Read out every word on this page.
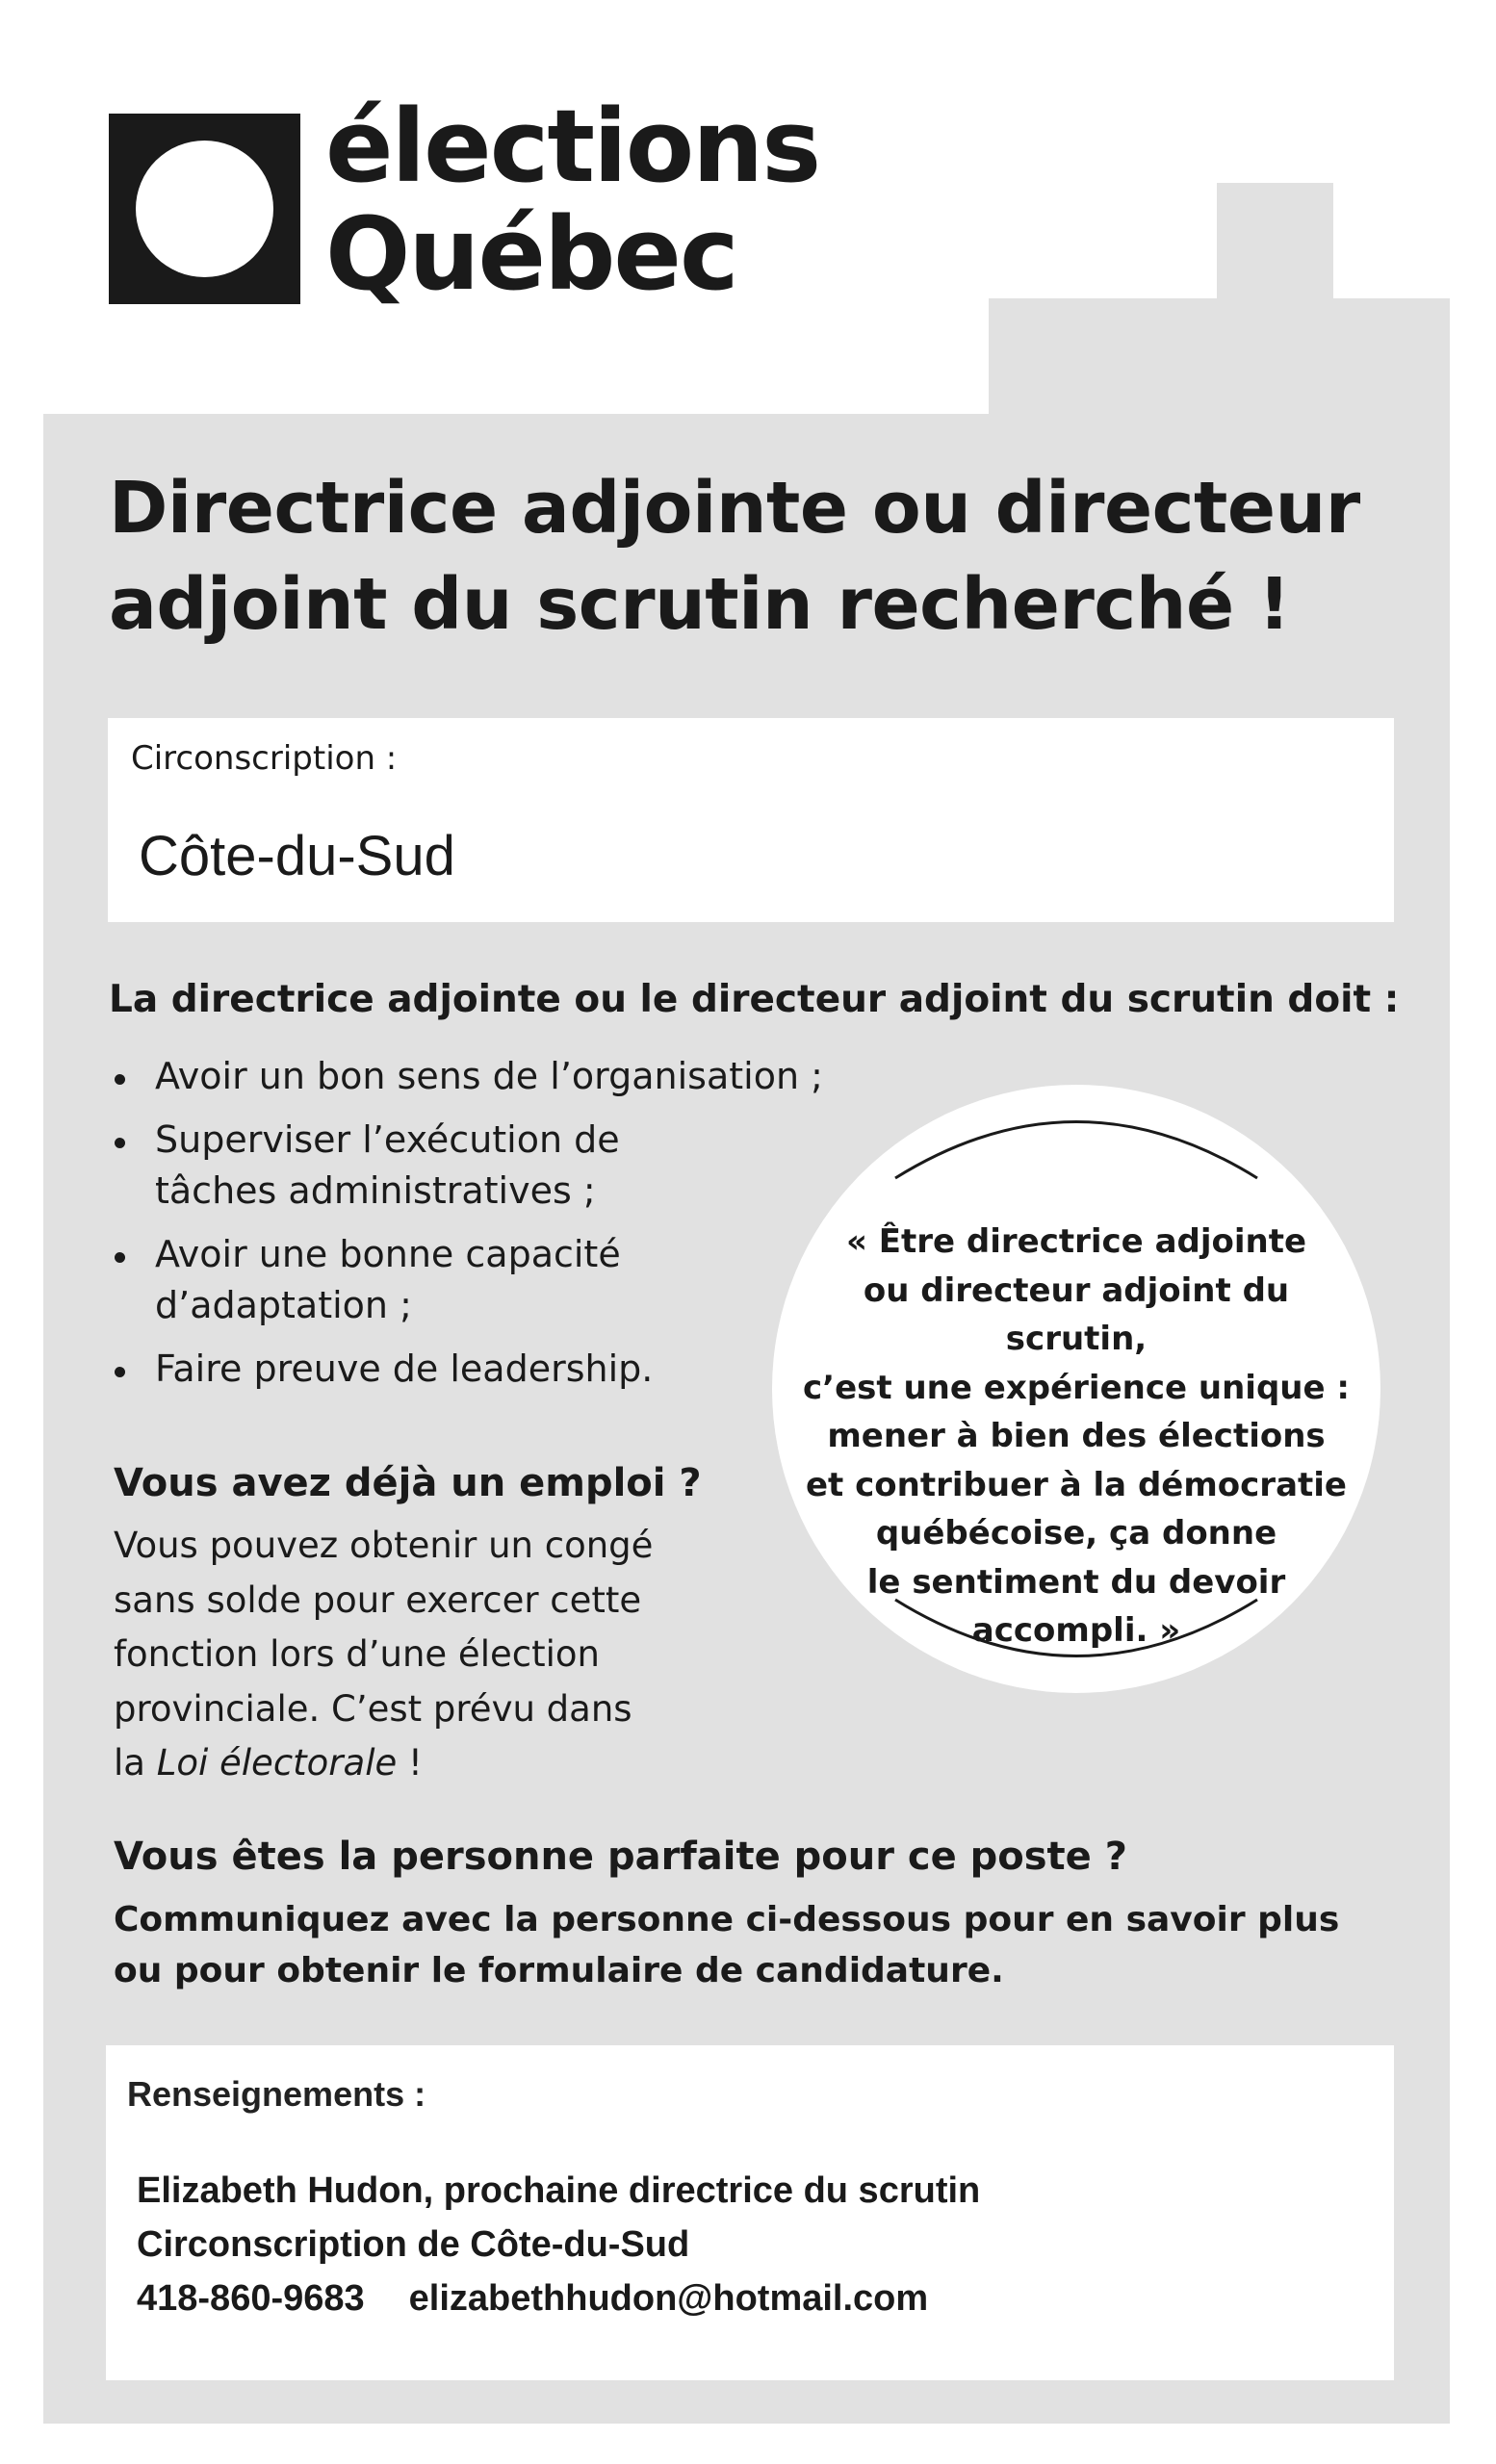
élections
Québec
Directrice adjointe ou directeur
adjoint du scrutin recherché !
Circonscription :
Côte-du-Sud
La directrice adjointe ou le directeur adjoint du scrutin doit :
Avoir un bon sens de l’organisation ;
Superviser l’exécution de tâches administratives ;
Avoir une bonne capacité d’adaptation ;
Faire preuve de leadership.
« Être directrice adjointe
ou directeur adjoint du scrutin,
c’est une expérience unique :
mener à bien des élections
et contribuer à la démocratie
québécoise, ça donne
le sentiment du devoir
accompli. »
Vous avez déjà un emploi ?
Vous pouvez obtenir un congé
sans solde pour exercer cette
fonction lors d’une élection
provinciale. C’est prévu dans
la Loi électorale !
Vous êtes la personne parfaite pour ce poste ?
Communiquez avec la personne ci-dessous pour en savoir plus
ou pour obtenir le formulaire de candidature.
Renseignements :
Elizabeth Hudon, prochaine directrice du scrutin
Circonscription de Côte-du-Sud
418-860-9683 elizabethhudon@hotmail.com
